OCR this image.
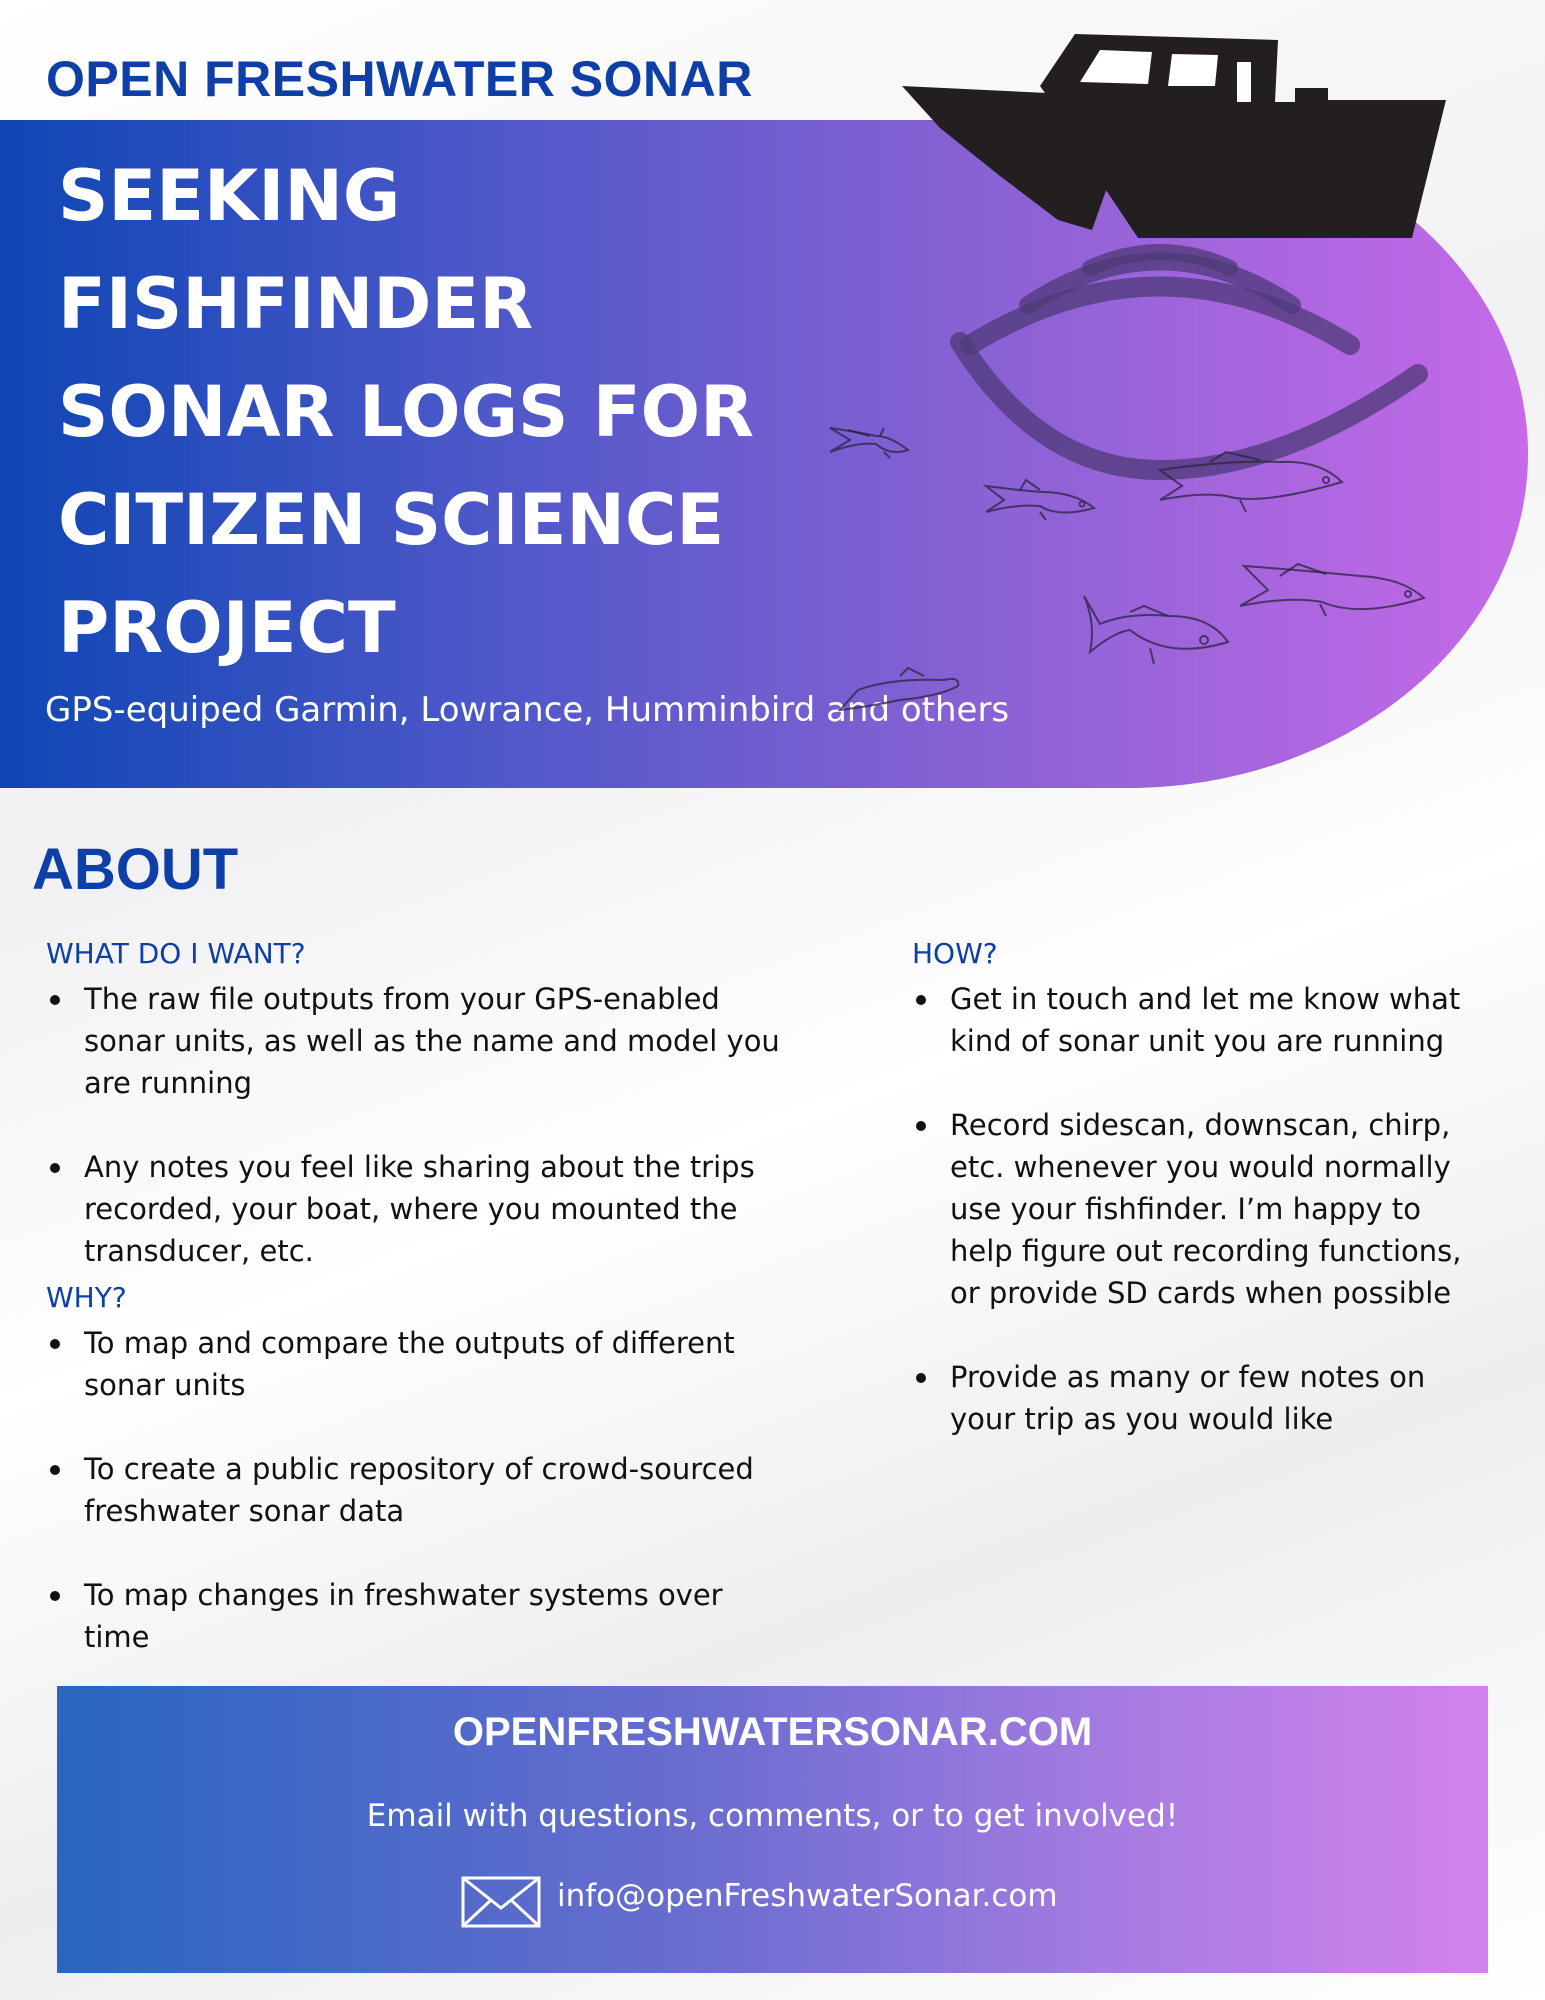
OPEN FRESHWATER SONAR
SEEKING
FISHFINDER
SONAR LOGS FOR
CITIZEN SCIENCE
PROJECT
GPS-equiped Garmin, Lowrance, Humminbird and others
ABOUT
WHAT DO I WANT?
The raw file outputs from your GPS-enabled sonar units, as well as the name and model you are running
Any notes you feel like sharing about the trips recorded, your boat, where you mounted the transducer, etc.
WHY?
To map and compare the outputs of different sonar units
To create a public repository of crowd-sourced freshwater sonar data
To map changes in freshwater systems over time
HOW?
Get in touch and let me know what kind of sonar unit you are running
Record sidescan, downscan, chirp, etc. whenever you would normally use your fishfinder. I’m happy to help figure out recording functions, or provide SD cards when possible
Provide as many or few notes on your trip as you would like
OPENFRESHWATERSONAR.COM
Email with questions, comments, or to get involved!
info@openFreshwaterSonar.com
